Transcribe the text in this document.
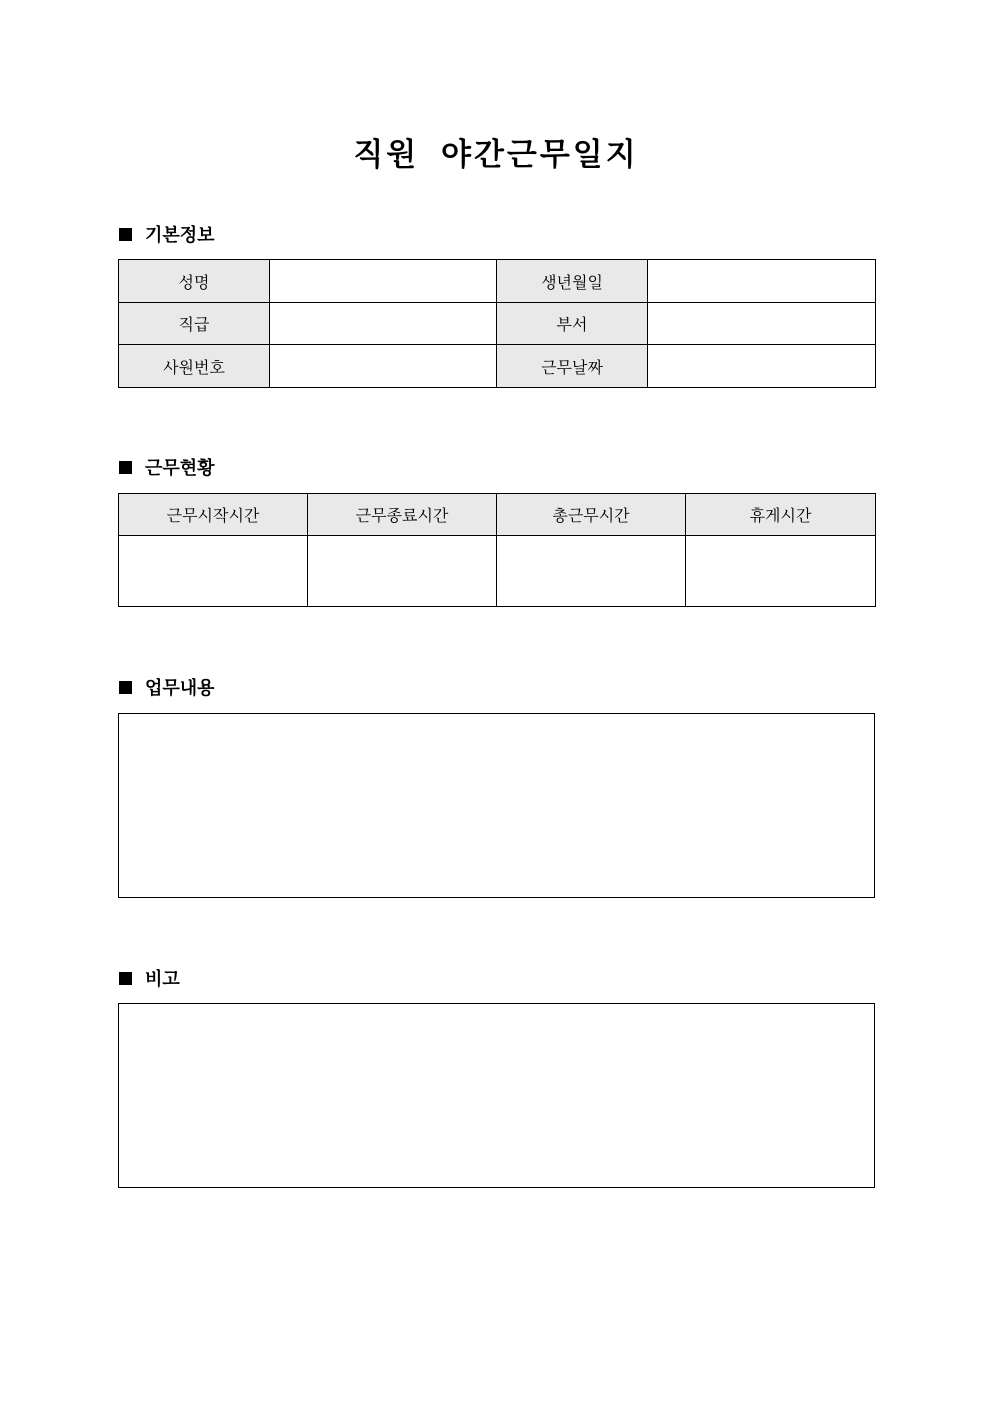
직원 야간근무일지
기본정보
성명		생년월일	
직급		부서	
사원번호		근무날짜	
근무현황
근무시작시간	근무종료시간	총근무시간	휴게시간

업무내용
비고
